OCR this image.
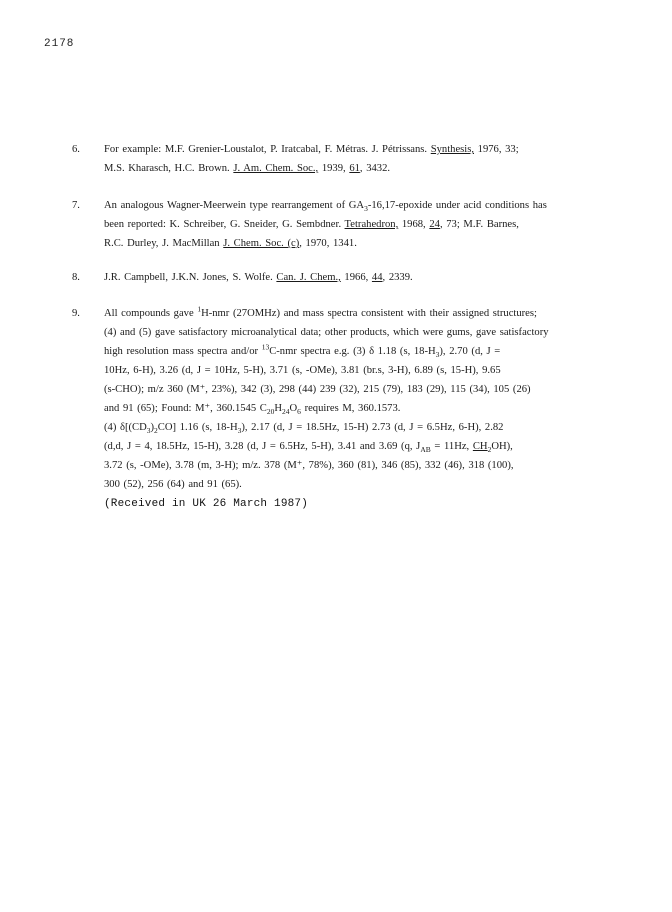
2178
6. For example: M.F. Grenier-Loustalot, P. Iratcabal, F. Métras. J. Pétrissans. Synthesis, 1976, 33;
M.S. Kharasch, H.C. Brown. J. Am. Chem. Soc., 1939, 61, 3432.
7. An analogous Wagner-Meerwein type rearrangement of $GA_3-16,17$-epoxide under acid conditions has
been reported: K. Schreiber, G. Sneider, G. Sembdner. Tetrahedron, 1968, 24, 73; M.F. Barnes,
R.C. Durley, J. MacMillan J. Chem. Soc. (c), 1970, 1341.
8. J.R. Campbell, J.K.N. Jones, S. Wolfe. Can. J. Chem., 1966, 44, 2339.
9. All compounds gave $^1$H-nmr (27OMHz) and mass spectra consistent with their assigned structures;
(4) and (5) gave satisfactory microanalytical data; other products, which were gums, gave satisfactory
high resolution mass spectra and/or $^{13}$C-nmr spectra e.g. (3) δ 1.18 (s, $18-H_3$), 2.70 (d, J =
10Hz, 6-H), 3.26 (d, J = 10Hz, 5-H), 3.71 (s, -OMe), 3.81 (br.s, 3-H), 6.89 (s, 15-H), 9.65
(s-CHO); m/z 360 (M⁺, 23%), 342 (3), 298 (44) 239 (32), 215 (79), 183 (29), 115 (34), 105 (26)
and 91 (65); Found: M⁺, 360.1545 $C_{20}H_{24}O_6$ requires M, 360.1573.
(4) $\delta[(CD_3)_2CO]$ 1.16 (s, $18-H_3$), 2.17 (d, J = 18.5Hz, 15-H) 2.73 (d, J = 6.5Hz, 6-H), 2.82
(d,d, J = 4, 18.5Hz, 15-H), 3.28 (d, J = 6.5Hz, 5-H), 3.41 and 3.69 (q, $J_{AB} = 11Hz$, $CH_2OH$),
3.72 (s, -OMe), 3.78 (m, 3-H); m/z. 378 (M⁺, 78%), 360 (81), 346 (85), 332 (46), 318 (100),
300 (52), 256 (64) and 91 (65).
(Received in UK 26 March 1987)
